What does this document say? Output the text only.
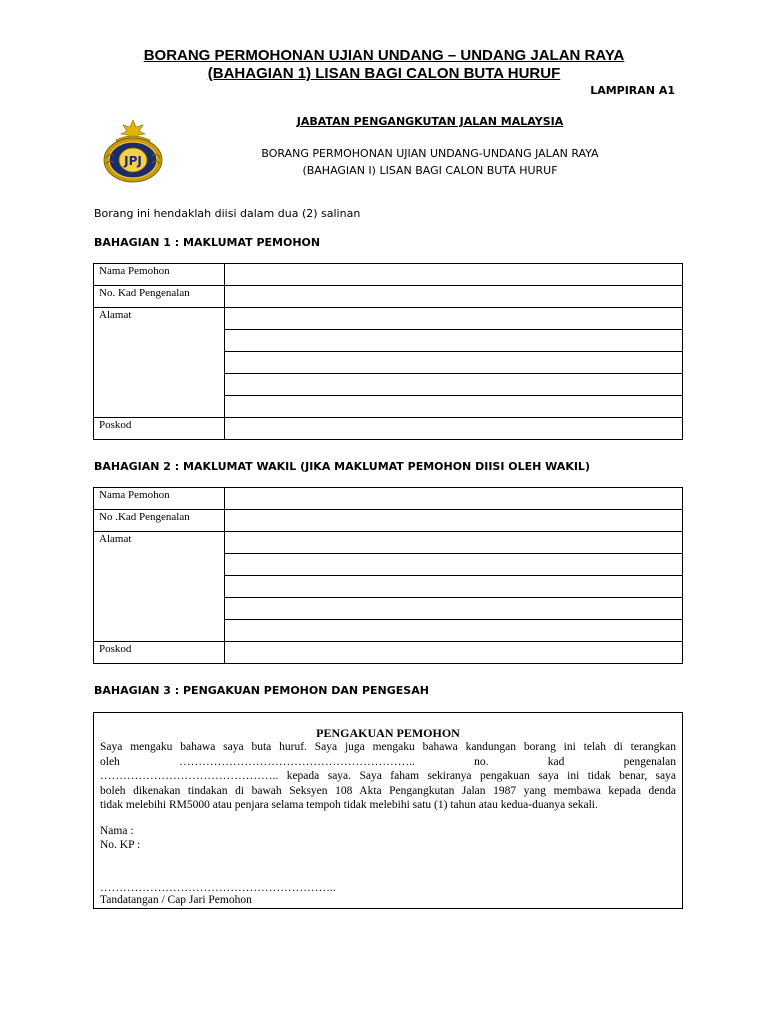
BORANG PERMOHONAN UJIAN UNDANG – UNDANG JALAN RAYA
(BAHAGIAN 1) LISAN BAGI CALON BUTA HURUF
LAMPIRAN A1
JPJ
JABATAN PENGANGKUTAN JALAN MALAYSIA
BORANG PERMOHONAN UJIAN UNDANG-UNDANG JALAN RAYA
(BAHAGIAN I) LISAN BAGI CALON BUTA HURUF
Borang ini hendaklah diisi dalam dua (2) salinan
BAHAGIAN 1 : MAKLUMAT PEMOHON
Nama Pemohon	
No. Kad Pengenalan	
Alamat	

Poskod	
BAHAGIAN 2 : MAKLUMAT WAKIL (JIKA MAKLUMAT PEMOHON DIISI OLEH WAKIL)
Nama Pemohon	
No .Kad Pengenalan	
Alamat	

Poskod	
BAHAGIAN 3 : PENGAKUAN PEMOHON DAN PENGESAH
PENGAKUAN PEMOHON
Saya mengaku bahawa saya buta huruf. Saya juga mengaku bahawa kandungan borang ini telah di terangkan
oleh …………………………………………………….. no. kad pengenalan
……………………………………….. kepada saya. Saya faham sekiranya pengakuan saya ini tidak benar, saya
boleh dikenakan tindakan di bawah Seksyen 108 Akta Pengangkutan Jalan 1987 yang membawa kepada denda
tidak melebihi RM5000 atau penjara selama tempoh tidak melebihi satu (1) tahun atau kedua-duanya sekali.
Nama :
No. KP :
……………………………………………………..
Tandatangan / Cap Jari Pemohon
